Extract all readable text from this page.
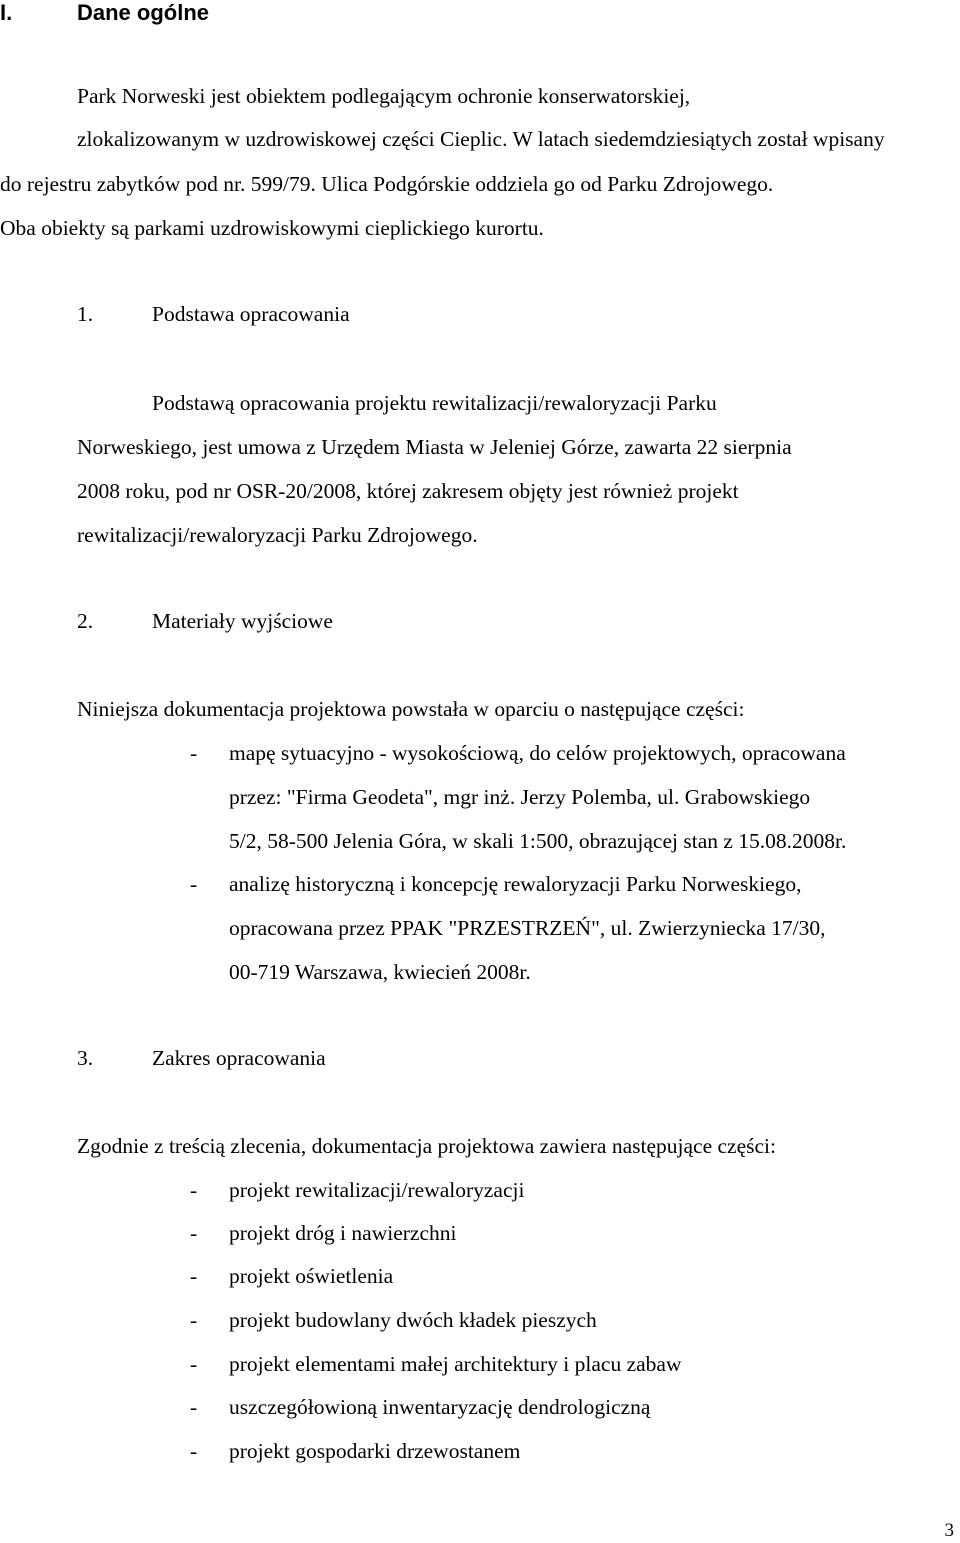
I.	Dane ogólne
Park Norweski jest obiektem podlegającym ochronie konserwatorskiej,
zlokalizowanym w uzdrowiskowej części Cieplic. W latach siedemdziesiątych został wpisany
do rejestru zabytków pod nr. 599/79. Ulica Podgórskie oddziela go od Parku Zdrojowego.
Oba obiekty są parkami uzdrowiskowymi cieplickiego kurortu.
1.	Podstawa opracowania
Podstawą opracowania projektu rewitalizacji/rewaloryzacji Parku
Norweskiego, jest umowa z Urzędem Miasta w Jeleniej Górze, zawarta 22 sierpnia
2008 roku, pod nr OSR-20/2008, której zakresem objęty jest również projekt
rewitalizacji/rewaloryzacji Parku Zdrojowego.
2.	Materiały wyjściowe
Niniejsza dokumentacja projektowa powstała w oparciu o następujące części:
- mapę sytuacyjno - wysokościową, do celów projektowych, opracowana
przez: "Firma Geodeta", mgr inż. Jerzy Polemba, ul. Grabowskiego
5/2, 58-500 Jelenia Góra, w skali 1:500, obrazującej stan z 15.08.2008r.
- analizę historyczną i koncepcję rewaloryzacji Parku Norweskiego,
opracowana przez PPAK "PRZESTRZEŃ", ul. Zwierzyniecka 17/30,
00-719 Warszawa, kwiecień 2008r.
3.	Zakres opracowania
Zgodnie z treścią zlecenia, dokumentacja projektowa zawiera następujące części:
- projekt rewitalizacji/rewaloryzacji
- projekt dróg i nawierzchni
- projekt oświetlenia
- projekt budowlany dwóch kładek pieszych
- projekt elementami małej architektury i placu zabaw
- uszczegółowioną inwentaryzację dendrologiczną
- projekt gospodarki drzewostanem
3
